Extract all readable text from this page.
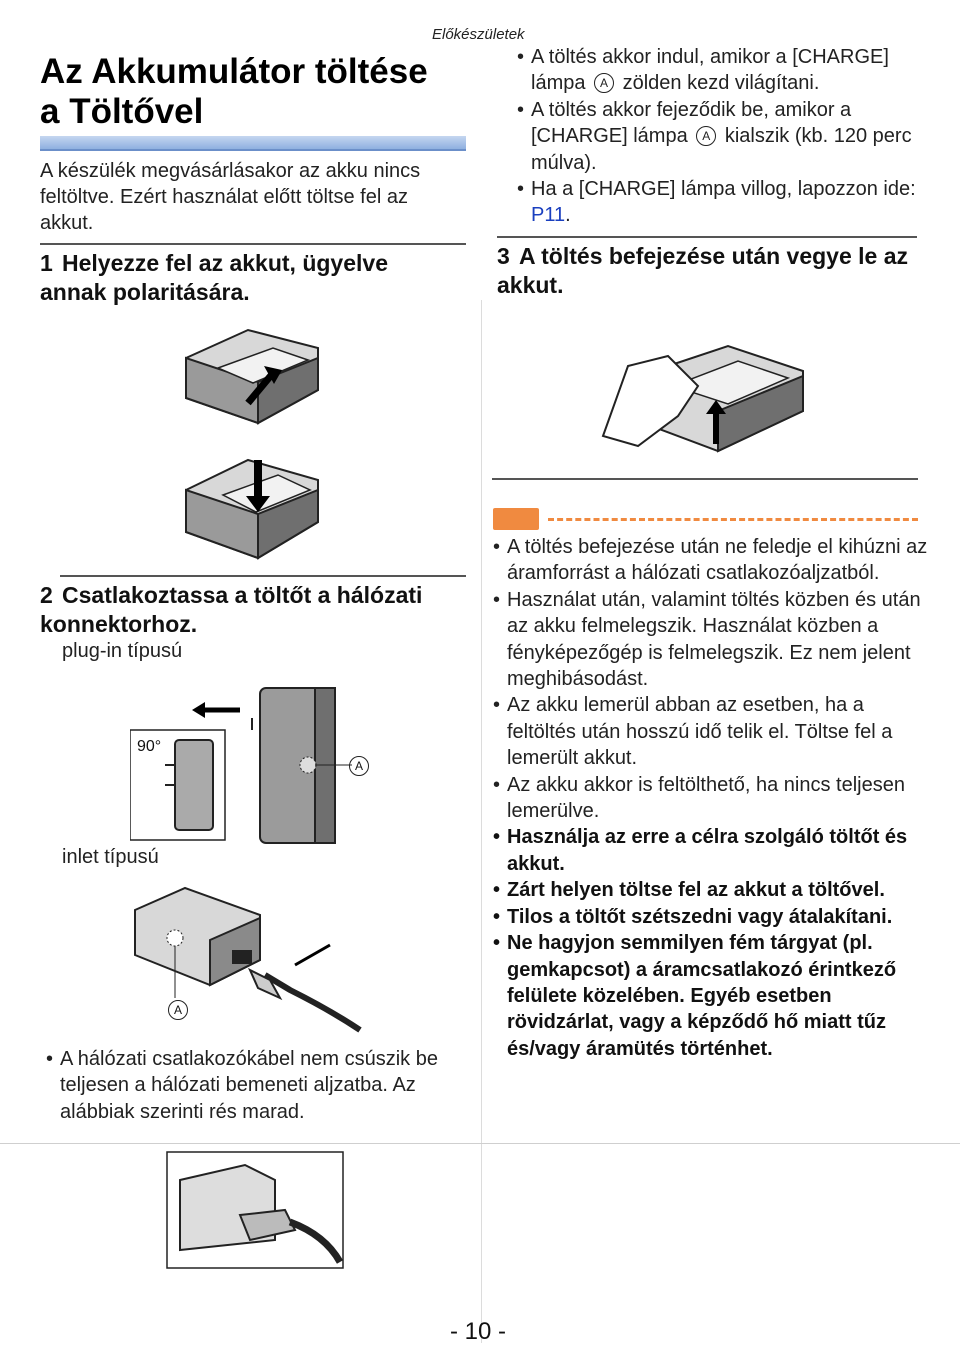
Előkészületek
Az Akkumulátor töltése
a Töltővel
A készülék megvásárlásakor az akku nincs feltöltve. Ezért használat előtt töltse fel az akkut.
1 Helyezze fel az akkut, ügyelve annak polaritására.
• A töltés akkor indul, amikor a [CHARGE] lámpa A zölden kezd világítani.
• A töltés akkor fejeződik be, amikor a [CHARGE] lámpa A kialszik (kb. 120 perc múlva).
• Ha a [CHARGE] lámpa villog, lapozzon ide: P11.
3 A töltés befejezése után vegye le az akkut.
2 Csatlakoztassa a töltőt a hálózati konnektorhoz.
plug-in típusú
90°
A
inlet típusú
A
• A hálózati csatlakozókábel nem csúszik be teljesen a hálózati bemeneti aljzatba. Az alábbiak szerinti rés marad.
• A töltés befejezése után ne feledje el kihúzni az áramforrást a hálózati csatlakozóaljzatból.
• Használat után, valamint töltés közben és után az akku felmelegszik. Használat közben a fényképezőgép is felmelegszik. Ez nem jelent meghibásodást.
• Az akku lemerül abban az esetben, ha a feltöltés után hosszú idő telik el. Töltse fel a lemerült akkut.
• Az akku akkor is feltölthető, ha nincs teljesen lemerülve.
• Használja az erre a célra szolgáló töltőt és akkut.
• Zárt helyen töltse fel az akkut a töltővel.
• Tilos a töltőt szétszedni vagy átalakítani.
• Ne hagyjon semmilyen fém tárgyat (pl. gemkapcsot) a áramcsatlakozó érintkező felülete közelében. Egyéb esetben rövidzárlat, vagy a képződő hő miatt tűz és/vagy áramütés történhet.
- 10 -
